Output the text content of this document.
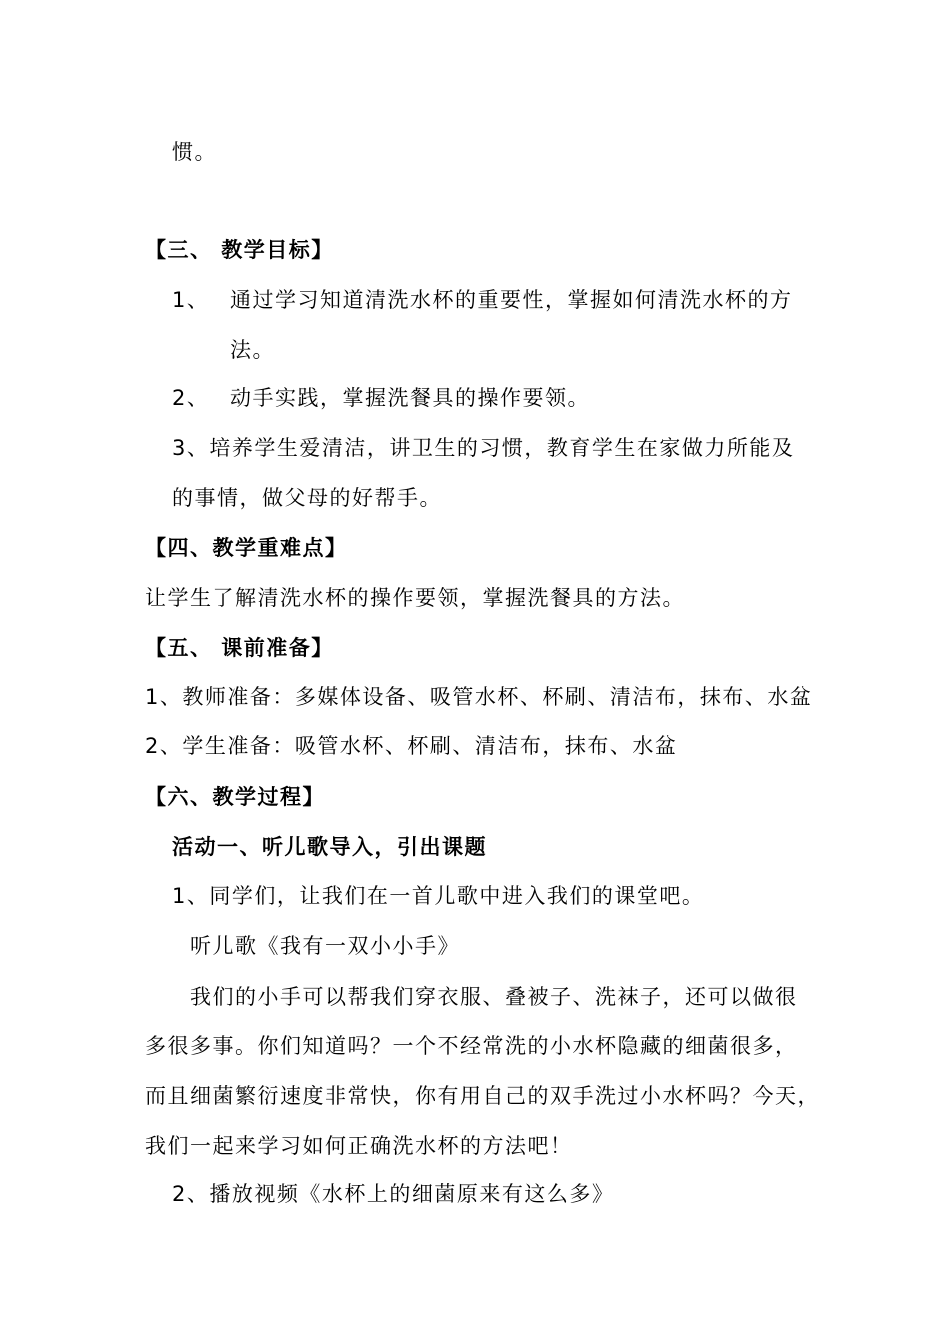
惯。
【三、 教学目标】
1、 通过学习知道清洗水杯的重要性，掌握如何清洗水杯的方
法。
2、 动手实践，掌握洗餐具的操作要领。
3、培养学生爱清洁，讲卫生的习惯，教育学生在家做力所能及
的事情，做父母的好帮手。
【四、教学重难点】
让学生了解清洗水杯的操作要领，掌握洗餐具的方法。
【五、 课前准备】
1、教师准备：多媒体设备、吸管水杯、杯刷、清洁布，抹布、水盆
2、学生准备：吸管水杯、杯刷、清洁布，抹布、水盆
【六、教学过程】
活动一、听儿歌导入，引出课题
1、同学们，让我们在一首儿歌中进入我们的课堂吧。
听儿歌《我有一双小小手》
我们的小手可以帮我们穿衣服、叠被子、洗袜子，还可以做很
多很多事。你们知道吗？一个不经常洗的小水杯隐藏的细菌很多，
而且细菌繁衍速度非常快，你有用自己的双手洗过小水杯吗？今天，
我们一起来学习如何正确洗水杯的方法吧！
2、播放视频《水杯上的细菌原来有这么多》
